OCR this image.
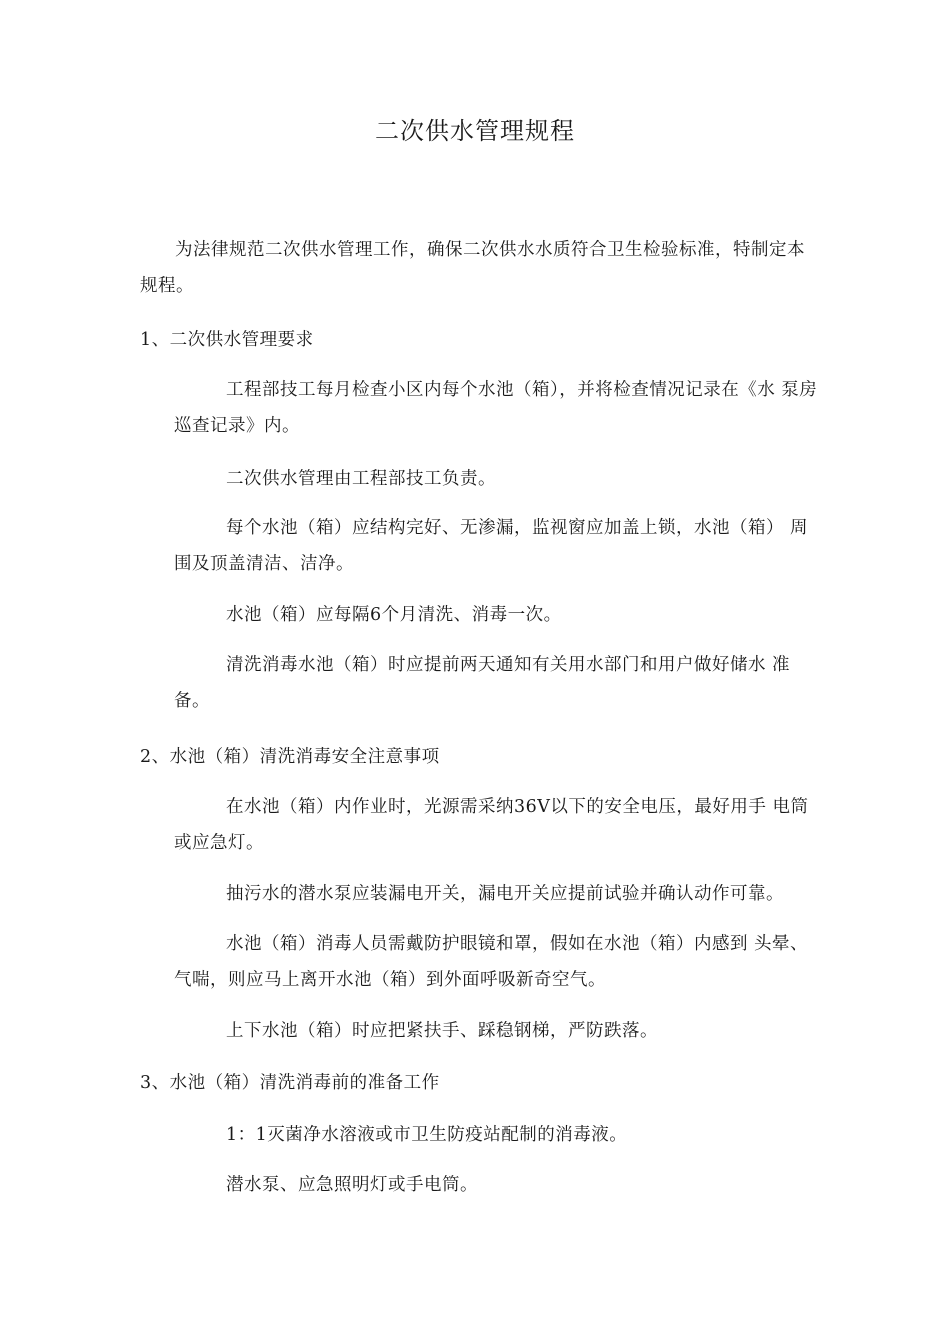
二次供水管理规程
为法律规范二次供水管理工作，确保二次供水水质符合卫生检验标准，特制定本规程。
1、二次供水管理要求
工程部技工每月检查小区内每个水池（箱），并将检查情况记录在《水 泵房巡查记录》内。
二次供水管理由工程部技工负责。
每个水池（箱）应结构完好、无渗漏，监视窗应加盖上锁，水池（箱） 周围及顶盖清洁、洁净。
水池（箱）应每隔6个月清洗、消毒一次。
清洗消毒水池（箱）时应提前两天通知有关用水部门和用户做好储水 准备。
2、水池（箱）清洗消毒安全注意事项
在水池（箱）内作业时，光源需采纳36V以下的安全电压，最好用手 电筒或应急灯。
抽污水的潜水泵应装漏电开关，漏电开关应提前试验并确认动作可靠。
水池（箱）消毒人员需戴防护眼镜和罩，假如在水池（箱）内感到 头晕、气喘，则应马上离开水池（箱）到外面呼吸新奇空气。
上下水池（箱）时应把紧扶手、踩稳钢梯，严防跌落。
3、水池（箱）清洗消毒前的准备工作
1：1灭菌净水溶液或市卫生防疫站配制的消毒液。
潜水泵、应急照明灯或手电筒。
